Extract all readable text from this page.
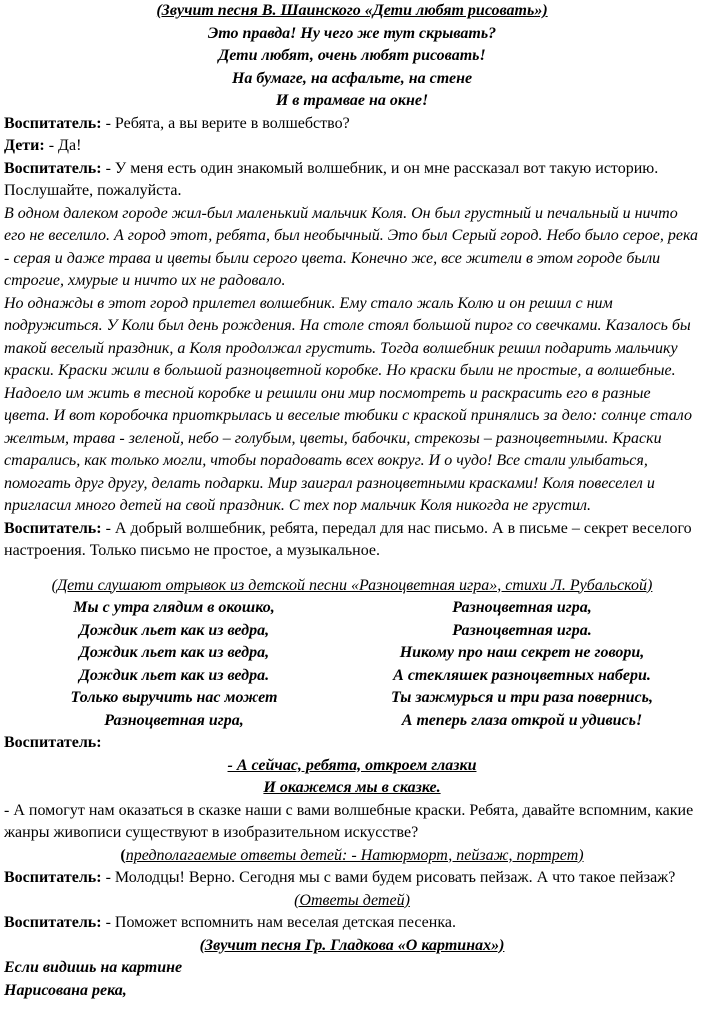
(Звучит песня В. Шаинского «Дети любят рисовать»)

Это правда! Ну чего же тут скрывать?

Дети любят, очень любят рисовать!

На бумаге, на асфальте, на стене

И в трамвае на окне!

Воспитатель: - Ребята, а вы верите в волшебство?

Дети: - Да!

Воспитатель: - У меня есть один знакомый волшебник, и он мне рассказал вот такую историю. Послушайте, пожалуйста.

В одном далеком городе жил-был маленький мальчик Коля. Он был грустный и печальный и ничто его не веселило. А город этот, ребята, был необычный. Это был Серый город. Небо было серое, река - серая и даже трава и цветы были серого цвета. Конечно же, все жители в этом городе были строгие, хмурые и ничто их не радовало.

Но однажды в этот город прилетел волшебник. Ему стало жаль Колю и он решил с ним подружиться. У Коли был день рождения. На столе стоял большой пирог со свечками. Казалось бы такой веселый праздник, а Коля продолжал грустить. Тогда волшебник решил подарить мальчику краски. Краски жили в большой разноцветной коробке. Но краски были не простые, а волшебные. Надоело им жить в тесной коробке и решили они мир посмотреть и раскрасить его в разные цвета. И вот коробочка приоткрылась и веселые тюбики с краской принялись за дело: солнце стало желтым, трава - зеленой, небо – голубым, цветы, бабочки, стрекозы – разноцветными. Краски старались, как только могли, чтобы порадовать всех вокруг. И о чудо! Все стали улыбаться, помогать друг другу, делать подарки. Мир заиграл разноцветными красками! Коля повеселел и пригласил много детей на свой праздник. С тех пор мальчик Коля никогда не грустил.

Воспитатель: - А добрый волшебник, ребята, передал для нас письмо. А в письме – секрет веселого настроения. Только письмо не простое, а музыкальное.

(Дети слушают отрывок из детской песни «Разноцветная игра», стихи Л. Рубальской)

Мы с утра глядим в окошко,
Дождик льет как из ведра,
Дождик льет как из ведра,
Дождик льет как из ведра.
Только выручить нас может
Разноцветная игра,
Разноцветная игра,
Разноцветная игра.
Никому про наш секрет не говори,
А стекляшек разноцветных набери.
Ты зажмурься и три раза повернись,
А теперь глаза открой и удивись!

Воспитатель:

- А сейчас, ребята, откроем глазки

И окажемся мы в сказке.

- А помогут нам оказаться в сказке наши с вами волшебные краски. Ребята, давайте вспомним, какие жанры живописи существуют в изобразительном искусстве?

(предполагаемые ответы детей: - Натюрморт, пейзаж, портрет)

Воспитатель: - Молодцы! Верно. Сегодня мы с вами будем рисовать пейзаж. А что такое пейзаж?

(Ответы детей)

Воспитатель: - Поможет вспомнить нам веселая детская песенка.

(Звучит песня Гр. Гладкова «О картинах»)

Если видишь на картине

Нарисована река,
